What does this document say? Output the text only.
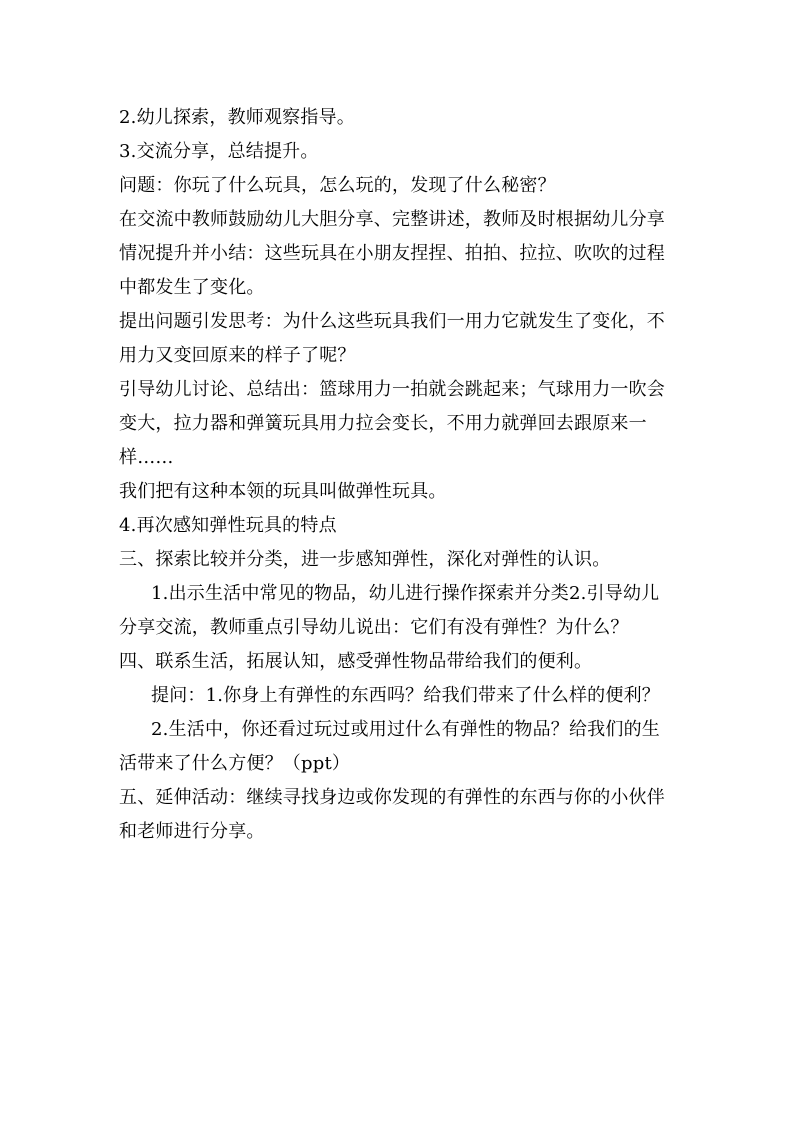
2.幼儿探索，教师观察指导。

3.交流分享，总结提升。

问题：你玩了什么玩具，怎么玩的，发现了什么秘密？

在交流中教师鼓励幼儿大胆分享、完整讲述，教师及时根据幼儿分享
情况提升并小结：这些玩具在小朋友捏捏、拍拍、拉拉、吹吹的过程
中都发生了变化。

提出问题引发思考：为什么这些玩具我们一用力它就发生了变化，不
用力又变回原来的样子了呢？

引导幼儿讨论、总结出：篮球用力一拍就会跳起来；气球用力一吹会
变大，拉力器和弹簧玩具用力拉会变长，不用力就弹回去跟原来一
样……

我们把有这种本领的玩具叫做弹性玩具。

4.再次感知弹性玩具的特点

三、探索比较并分类，进一步感知弹性，深化对弹性的认识。

1.出示生活中常见的物品，幼儿进行操作探索并分类2.引导幼儿
分享交流，教师重点引导幼儿说出：它们有没有弹性？为什么？

四、联系生活，拓展认知，感受弹性物品带给我们的便利。

提问：1.你身上有弹性的东西吗？给我们带来了什么样的便利？

2.生活中，你还看过玩过或用过什么有弹性的物品？给我们的生
活带来了什么方便？（ppt）

五、延伸活动：继续寻找身边或你发现的有弹性的东西与你的小伙伴
和老师进行分享。
